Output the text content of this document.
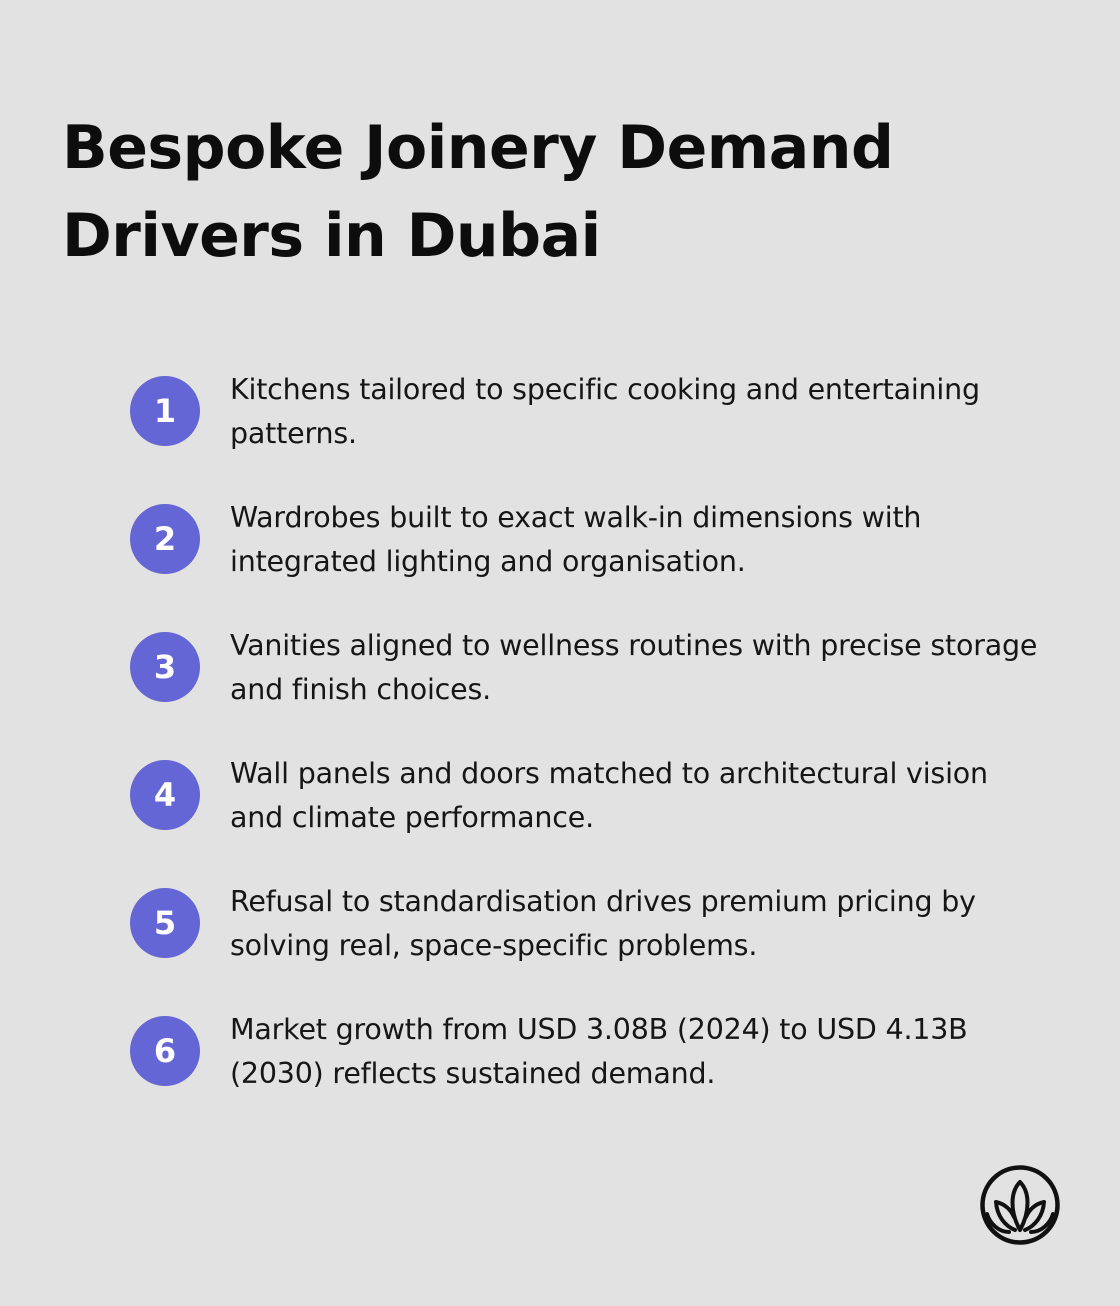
Bespoke Joinery Demand Drivers in Dubai
1
Kitchens tailored to specific cooking and entertaining patterns.
2
Wardrobes built to exact walk-in dimensions with integrated lighting and organisation.
3
Vanities aligned to wellness routines with precise storage and finish choices.
4
Wall panels and doors matched to architectural vision and climate performance.
5
Refusal to standardisation drives premium pricing by solving real, space-specific problems.
6
Market growth from USD 3.08B (2024) to USD 4.13B (2030) reflects sustained demand.
